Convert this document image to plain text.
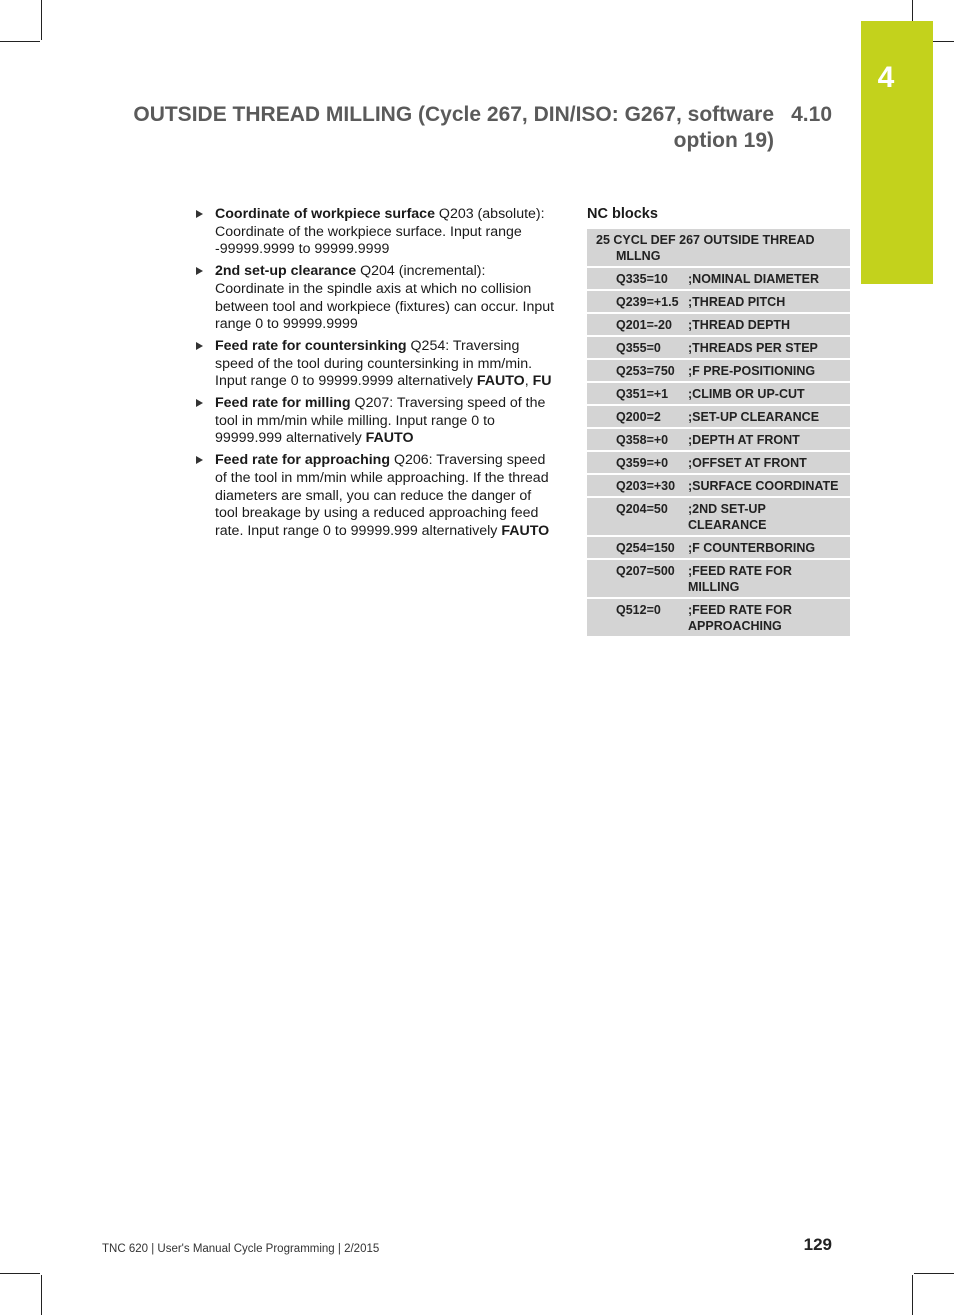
4
OUTSIDE THREAD MILLING (Cycle 267, DIN/ISO: G267, software option 19)
4.10
Coordinate of workpiece surface Q203 (absolute): Coordinate of the workpiece surface. Input range -99999.9999 to 99999.9999
2nd set-up clearance Q204 (incremental): Coordinate in the spindle axis at which no collision between tool and workpiece (fixtures) can occur. Input range 0 to 99999.9999
Feed rate for countersinking Q254: Traversing speed of the tool during countersinking in mm/min. Input range 0 to 99999.9999 alternatively FAUTO, FU
Feed rate for milling Q207: Traversing speed of the tool in mm/min while milling. Input range 0 to 99999.999 alternatively FAUTO
Feed rate for approaching Q206: Traversing speed of the tool in mm/min while approaching. If the thread diameters are small, you can reduce the danger of tool breakage by using a reduced approaching feed rate. Input range 0 to 99999.999 alternatively FAUTO
NC blocks
25 CYCL DEF 267 OUTSIDE THREAD
MLLNG
Q335=10	;NOMINAL DIAMETER
Q239=+1.5 ;THREAD PITCH
Q201=-20	;THREAD DEPTH
Q355=0	;THREADS PER STEP
Q253=750	;F PRE-POSITIONING
Q351=+1	;CLIMB OR UP-CUT
Q200=2	;SET-UP CLEARANCE
Q358=+0	;DEPTH AT FRONT
Q359=+0	;OFFSET AT FRONT
Q203=+30	;SURFACE COORDINATE
Q204=50	;2ND SET-UP CLEARANCE
Q254=150	;F COUNTERBORING
Q207=500	;FEED RATE FOR MILLING
Q512=0	;FEED RATE FOR APPROACHING
TNC 620 | User's Manual Cycle Programming | 2/2015	129
